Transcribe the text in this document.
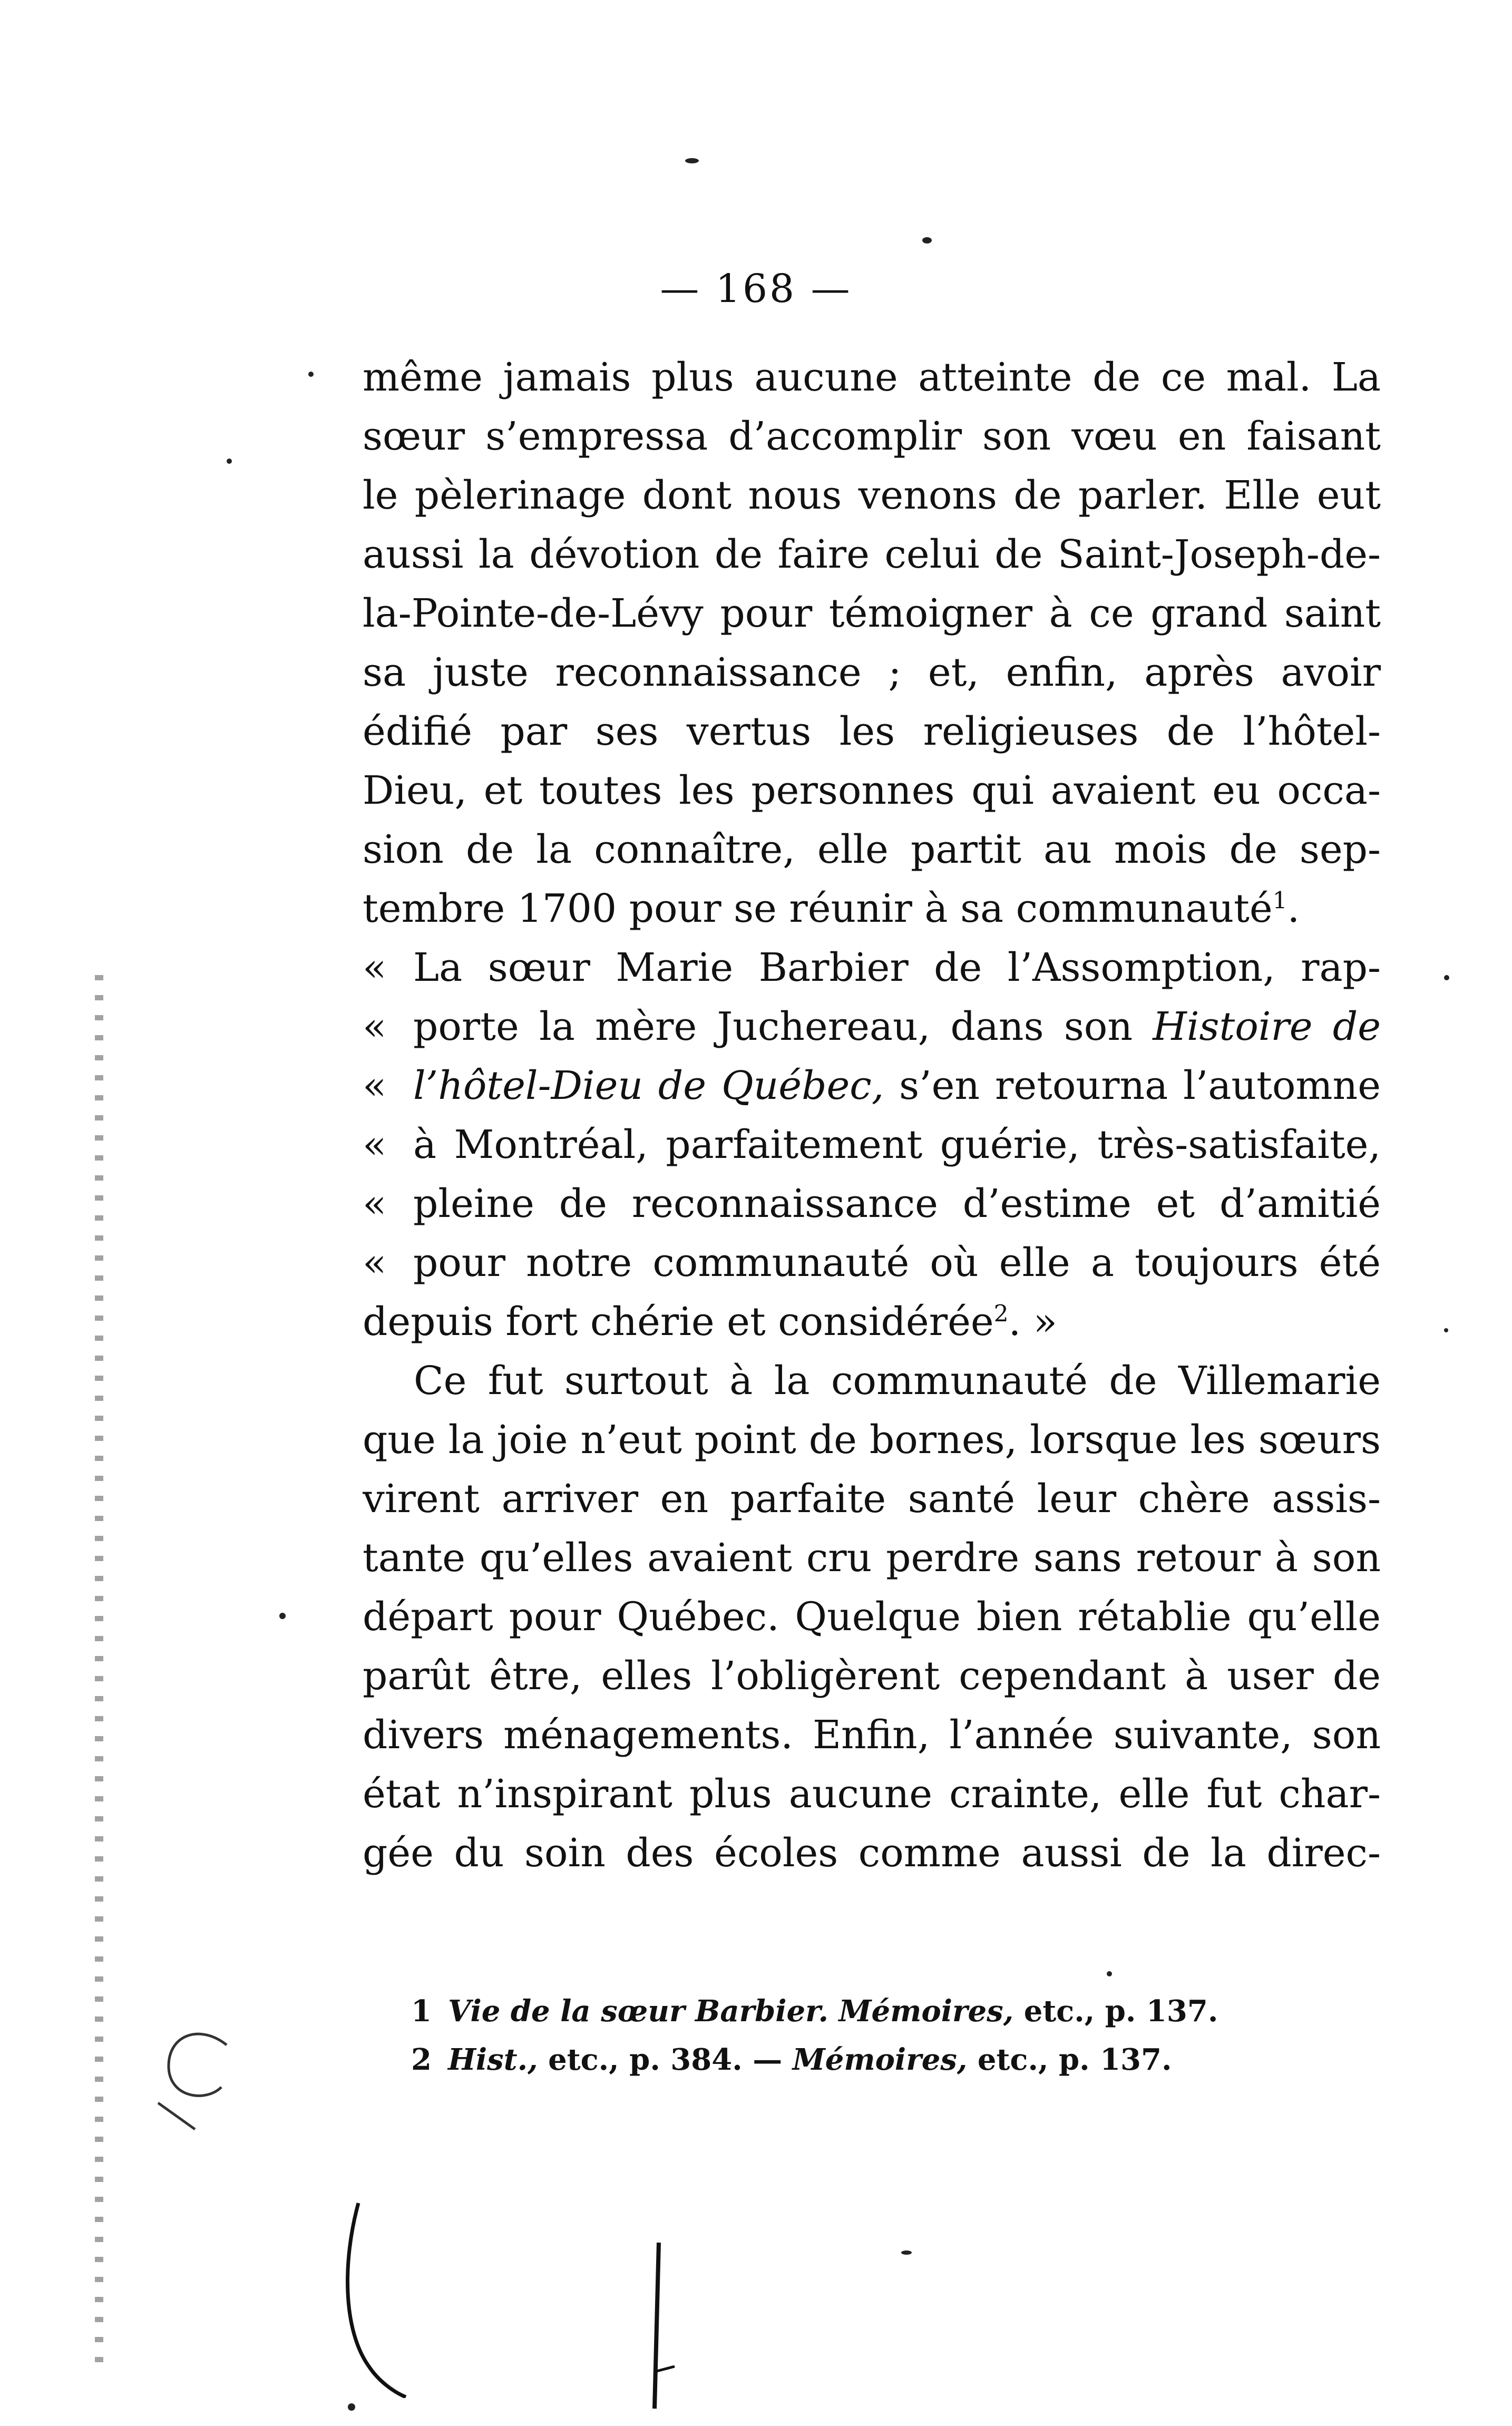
— 168 —
même jamais plus aucune atteinte de ce mal. La
sœur s’empressa d’accomplir son vœu en faisant
le pèlerinage dont nous venons de parler. Elle eut
aussi la dévotion de faire celui de Saint-Joseph-de-
la-Pointe-de-Lévy pour témoigner à ce grand saint
sa juste reconnaissance ; et, enfin, après avoir
édifié par ses vertus les religieuses de l’hôtel-
Dieu, et toutes les personnes qui avaient eu occa-
sion de la connaître, elle partit au mois de sep-
tembre 1700 pour se réunir à sa communauté$^1$.
« La sœur Marie Barbier de l’Assomption, rap-
« porte la mère Juchereau, dans son Histoire de
« l’hôtel-Dieu de Québec, s’en retourna l’automne
« à Montréal, parfaitement guérie, très-satisfaite,
« pleine de reconnaissance d’estime et d’amitié
« pour notre communauté où elle a toujours été
depuis fort chérie et considérée$^2$. »
Ce fut surtout à la communauté de Villemarie
que la joie n’eut point de bornes, lorsque les sœurs
virent arriver en parfaite santé leur chère assis-
tante qu’elles avaient cru perdre sans retour à son
départ pour Québec. Quelque bien rétablie qu’elle
parût être, elles l’obligèrent cependant à user de
divers ménagements. Enfin, l’année suivante, son
état n’inspirant plus aucune crainte, elle fut char-
gée du soin des écoles comme aussi de la direc-
1 Vie de la sœur Barbier. Mémoires, etc., p. 137.
2 Hist., etc., p. 384. — Mémoires, etc., p. 137.
